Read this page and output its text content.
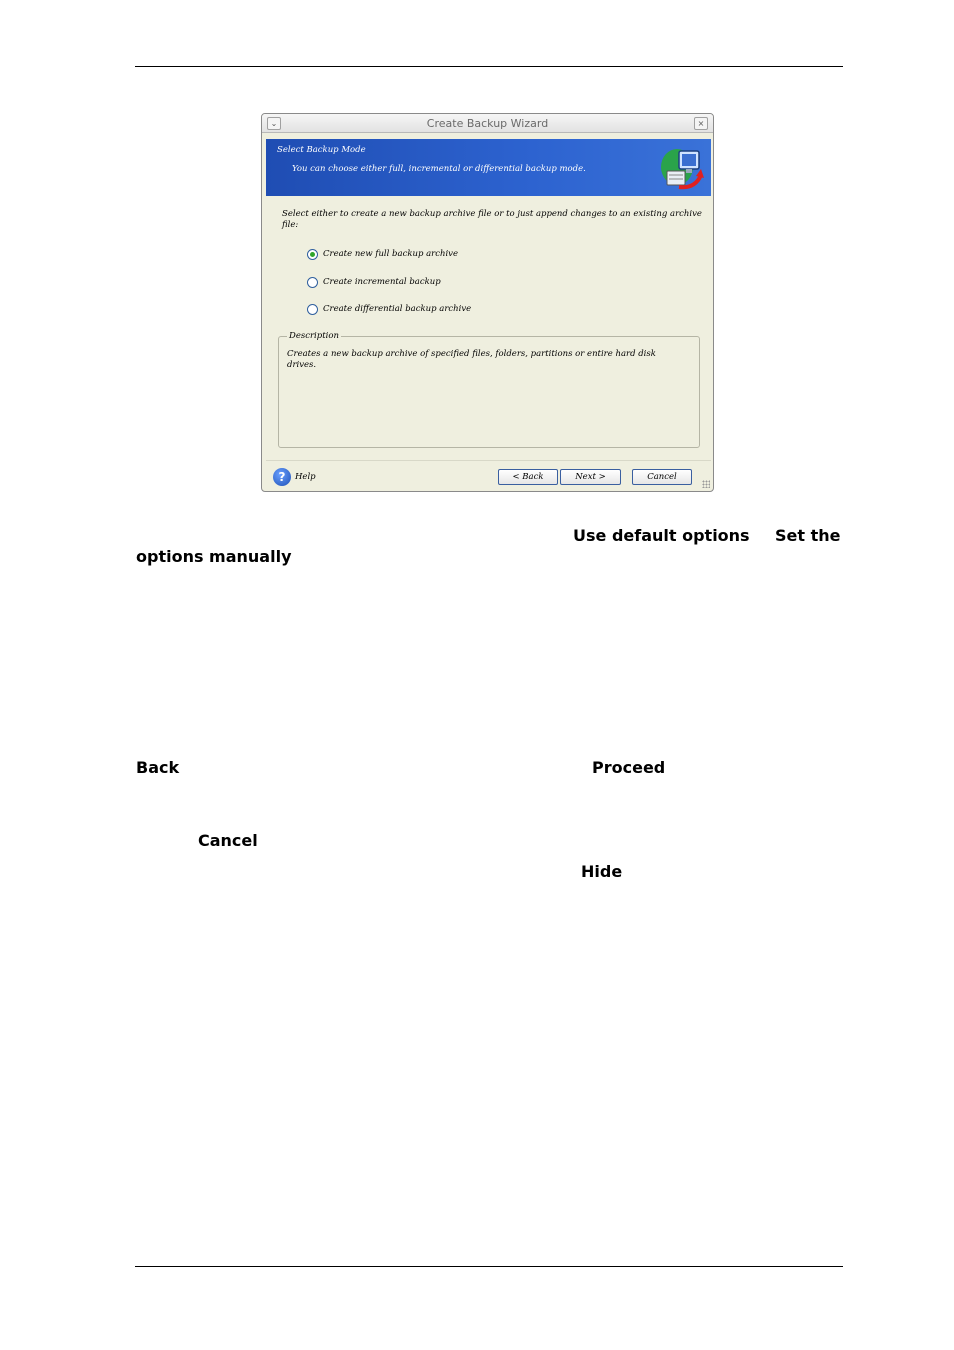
⌄	Create Backup Wizard	×
Select Backup Mode
You can choose either full, incremental or differential backup mode.
Select either to create a new backup archive file or to just append changes to an existing archive file:
Create new full backup archive
Create incremental backup
Create differential backup archive
Description
Creates a new backup archive of specified files, folders, partitions or entire hard disk drives.
?	Help	< Back	Next >	Cancel
Use default options Set the
options manually
Back	Proceed
Cancel
Hide
